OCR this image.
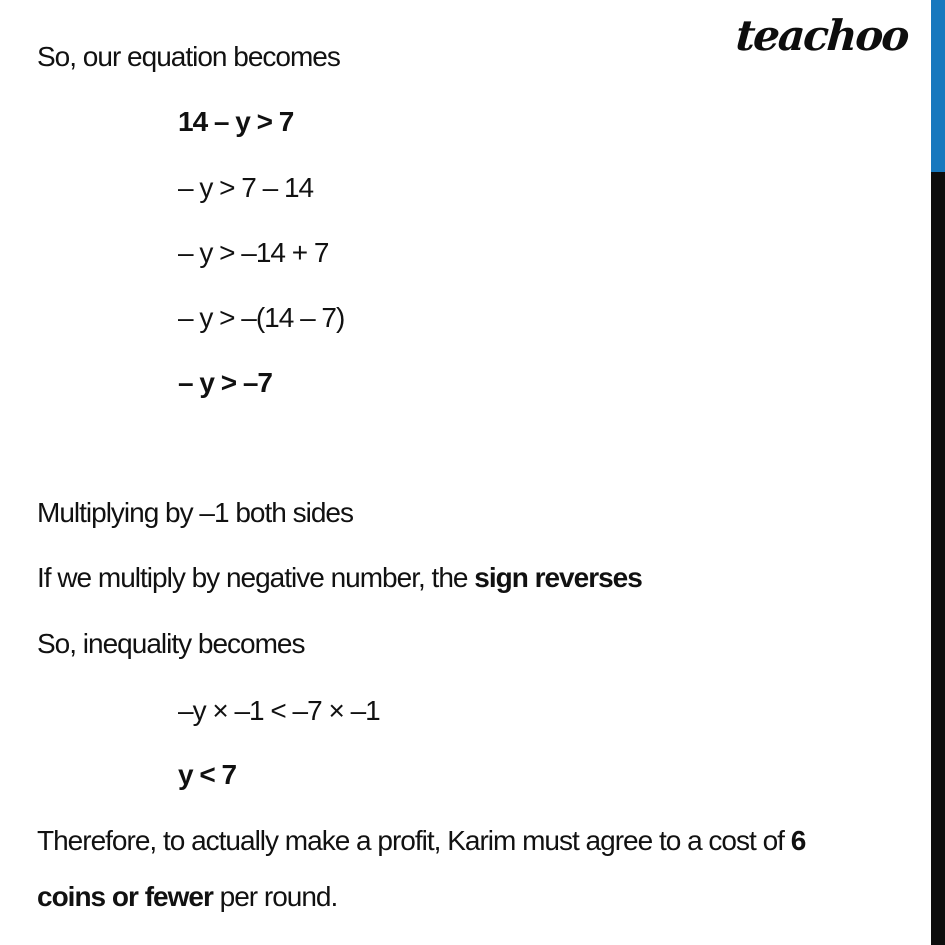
teachoo
So, our equation becomes
14 – y > 7
– y > 7 – 14
– y > –14 + 7
– y > –(14 – 7)
– y > –7
Multiplying by –1 both sides
If we multiply by negative number, the sign reverses
So, inequality becomes
–y × –1 < –7 × –1
y < 7
Therefore, to actually make a profit, Karim must agree to a cost of 6
coins or fewer per round.
